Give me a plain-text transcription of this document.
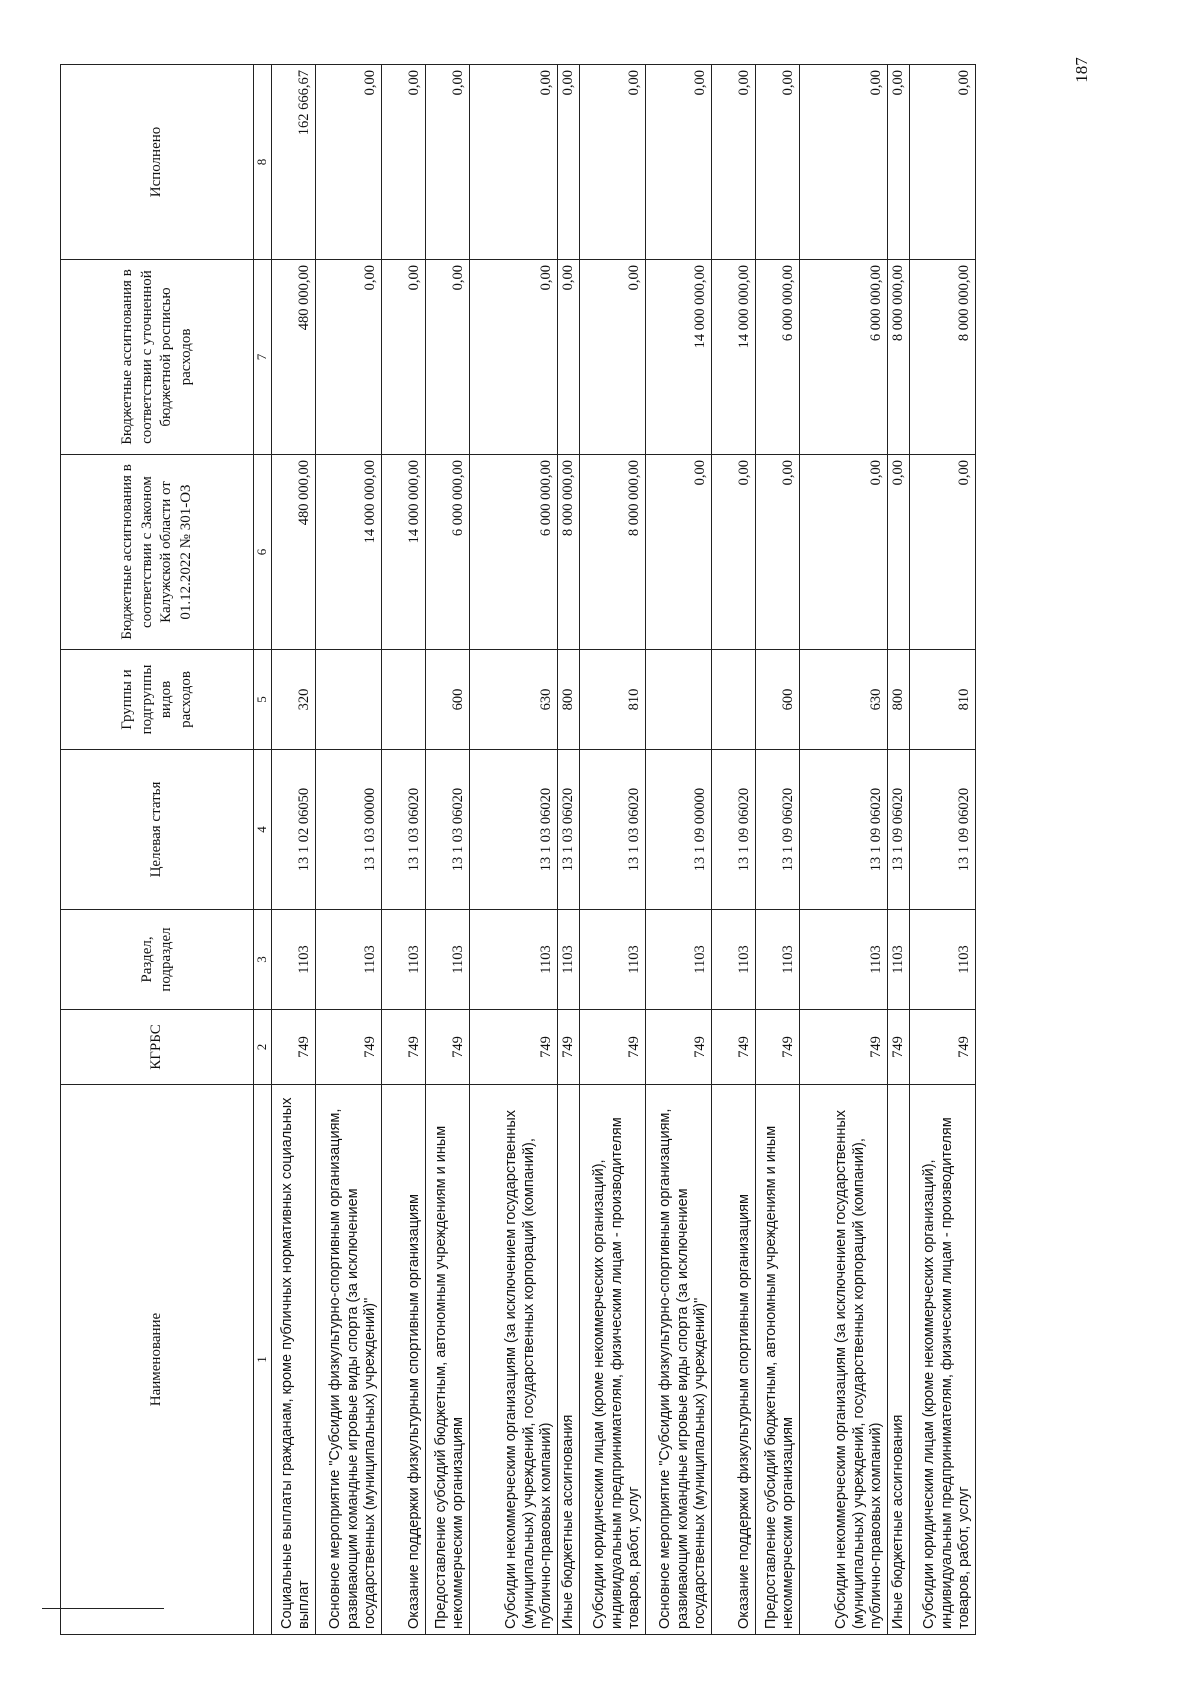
Наименование	КГРБС	Раздел, подраздел	Целевая статья	Группы и подгруппы видов расходов	Бюджетные ассигнования в соответствии с Законом Калужской области от 01.12.2022 № 301-ОЗ	Бюджетные ассигнования в соответствии с уточненной бюджетной росписью расходов	Исполнено
1	2	3	4	5	6	7	8
Социальные выплаты гражданам, кроме публичных нормативных социальных выплат	749	1103	13 1 02 06050	320	480 000,00	480 000,00	162 666,67
Основное мероприятие "Субсидии физкультурно-спортивным организациям, развивающим командные игровые виды спорта (за исключением государственных (муниципальных) учреждений)"	749	1103	13 1 03 00000		14 000 000,00	0,00	0,00
Оказание поддержки физкультурным спортивным организациям	749	1103	13 1 03 06020		14 000 000,00	0,00	0,00
Предоставление субсидий бюджетным, автономным учреждениям и иным некоммерческим организациям	749	1103	13 1 03 06020	600	6 000 000,00	0,00	0,00
Субсидии некоммерческим организациям (за исключением государственных (муниципальных) учреждений, государственных корпораций (компаний), публично-правовых компаний)	749	1103	13 1 03 06020	630	6 000 000,00	0,00	0,00
Иные бюджетные ассигнования	749	1103	13 1 03 06020	800	8 000 000,00	0,00	0,00
Субсидии юридическим лицам (кроме некоммерческих организаций), индивидуальным предпринимателям, физическим лицам - производителям товаров, работ, услуг	749	1103	13 1 03 06020	810	8 000 000,00	0,00	0,00
Основное мероприятие "Субсидии физкультурно-спортивным организациям, развивающим командные игровые виды спорта (за исключением государственных (муниципальных) учреждений)"	749	1103	13 1 09 00000		0,00	14 000 000,00	0,00
Оказание поддержки физкультурным спортивным организациям	749	1103	13 1 09 06020		0,00	14 000 000,00	0,00
Предоставление субсидий бюджетным, автономным учреждениям и иным некоммерческим организациям	749	1103	13 1 09 06020	600	0,00	6 000 000,00	0,00
Субсидии некоммерческим организациям (за исключением государственных (муниципальных) учреждений, государственных корпораций (компаний), публично-правовых компаний)	749	1103	13 1 09 06020	630	0,00	6 000 000,00	0,00
Иные бюджетные ассигнования	749	1103	13 1 09 06020	800	0,00	8 000 000,00	0,00
Субсидии юридическим лицам (кроме некоммерческих организаций), индивидуальным предпринимателям, физическим лицам - производителям товаров, работ, услуг	749	1103	13 1 09 06020	810	0,00	8 000 000,00	0,00	187
